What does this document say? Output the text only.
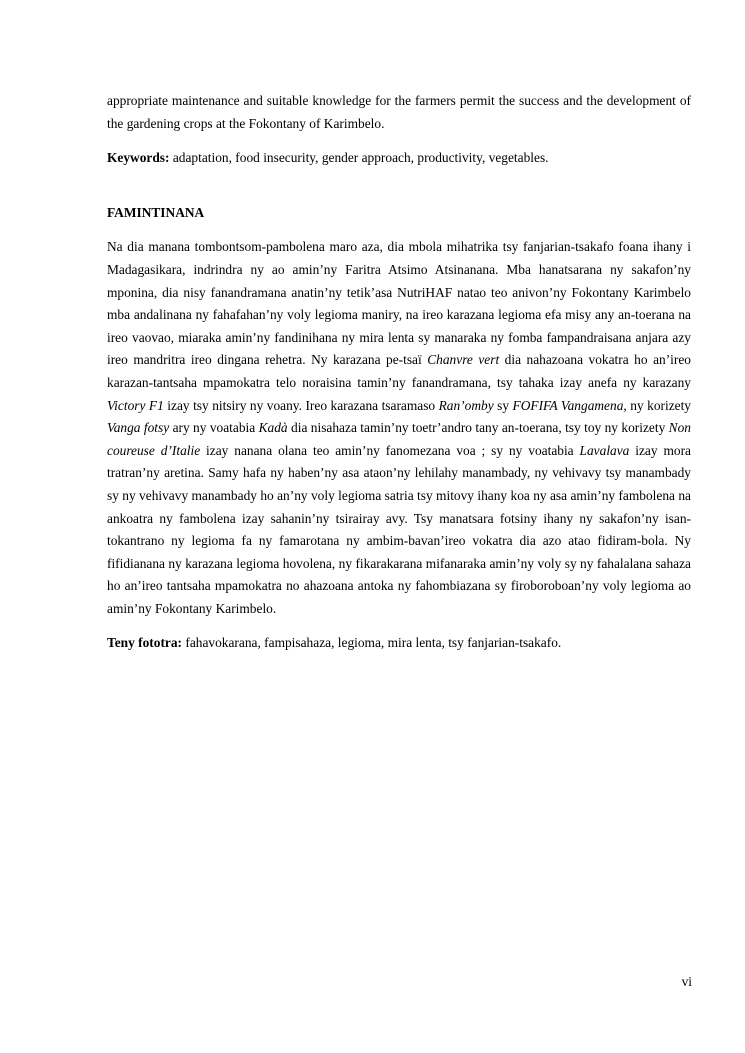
appropriate maintenance and suitable knowledge for the farmers permit the success and the development of the gardening crops at the Fokontany of Karimbelo.

Keywords: adaptation, food insecurity, gender approach, productivity, vegetables.

FAMINTINANA

Na dia manana tombontsom-pambolena maro aza, dia mbola mihatrika tsy fanjarian-tsakafo foana ihany i Madagasikara, indrindra ny ao amin’ny Faritra Atsimo Atsinanana. Mba hanatsarana ny sakafon’ny mponina, dia nisy fanandramana anatin’ny tetik’asa NutriHAF natao teo anivon’ny Fokontany Karimbelo mba andalinana ny fahafahan’ny voly legioma maniry, na ireo karazana legioma efa misy any an-toerana na ireo vaovao, miaraka amin’ny fandinihana ny mira lenta sy manaraka ny fomba fampandraisana anjara azy ireo mandritra ireo dingana rehetra. Ny karazana pe-tsaï Chanvre vert dia nahazoana vokatra ho an’ireo karazan-tantsaha mpamokatra telo noraisina tamin’ny fanandramana, tsy tahaka izay anefa ny karazany Victory F1 izay tsy nitsiry ny voany. Ireo karazana tsaramaso Ran’omby sy FOFIFA Vangamena, ny korizety Vanga fotsy ary ny voatabia Kadà dia nisahaza tamin’ny toetr’andro tany an-toerana, tsy toy ny korizety Non coureuse d’Italie izay nanana olana teo amin’ny fanomezana voa ; sy ny voatabia Lavalava izay mora tratran’ny aretina. Samy hafa ny haben’ny asa ataon’ny lehilahy manambady, ny vehivavy tsy manambady sy ny vehivavy manambady ho an’ny voly legioma satria tsy mitovy ihany koa ny asa amin’ny fambolena na ankoatra ny fambolena izay sahanin’ny tsirairay avy. Tsy manatsara fotsiny ihany ny sakafon’ny isan-tokantrano ny legioma fa ny famarotana ny ambim-bavan’ireo vokatra dia azo atao fidiram-bola. Ny fifidianana ny karazana legioma hovolena, ny fikarakarana mifanaraka amin’ny voly sy ny fahalalana sahaza ho an’ireo tantsaha mpamokatra no ahazoana antoka ny fahombiazana sy firoboroboan’ny voly legioma ao amin’ny Fokontany Karimbelo.

Teny fototra: fahavokarana, fampisahaza, legioma, mira lenta, tsy fanjarian-tsakafo.

vi
